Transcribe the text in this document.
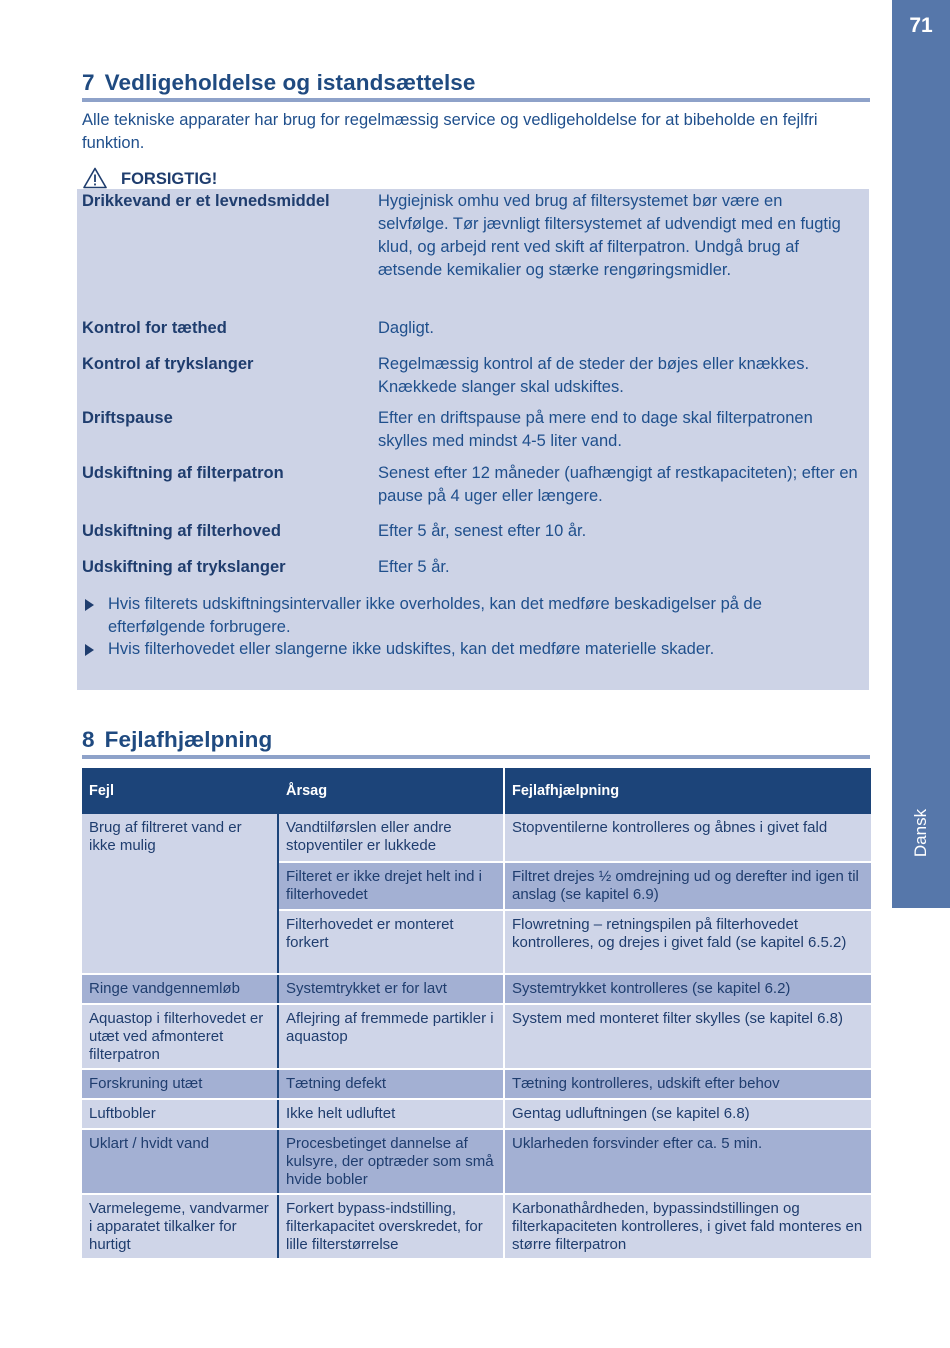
71
Dansk
7 Vedligeholdelse og istandsættelse
Alle tekniske apparater har brug for regelmæssig service og vedligeholdelse for at bibeholde en fejlfri funktion.
FORSIGTIG!
Drikkevand er et levnedsmiddel	Hygiejnisk omhu ved brug af filtersystemet bør være en selvfølge. Tør jævnligt filtersystemet af udvendigt med en fugtig klud, og arbejd rent ved skift af filterpatron. Undgå brug af ætsende kemikalier og stærke rengøringsmidler.
Kontrol for tæthed	Dagligt.
Kontrol af trykslanger	Regelmæssig kontrol af de steder der bøjes eller knækkes. Knækkede slanger skal udskiftes.
Driftspause	Efter en driftspause på mere end to dage skal filterpatronen skylles med mindst 4-5 liter vand.
Udskiftning af filterpatron	Senest efter 12 måneder (uafhængigt af restkapaciteten); efter en pause på 4 uger eller længere.
Udskiftning af filterhoved	Efter 5 år, senest efter 10 år.
Udskiftning af trykslanger	Efter 5 år.
Hvis filterets udskiftningsintervaller ikke overholdes, kan det medføre beskadigelser på de efterfølgende forbrugere.
Hvis filterhovedet eller slangerne ikke udskiftes, kan det medføre materielle skader.
8 Fejlafhjælpning
Fejl	Årsag	Fejlafhjælpning
Brug af filtreret vand er ikke mulig	Vandtilførslen eller andre stopventiler er lukkede	Stopventilerne kontrolleres og åbnes i givet fald
	Filteret er ikke drejet helt ind i filterhovedet	Filtret drejes ½ omdrejning ud og derefter ind igen til anslag (se kapitel 6.9)
	Filterhovedet er monteret forkert	Flowretning – retningspilen på filterhovedet kontrolleres, og drejes i givet fald (se kapitel 6.5.2)
Ringe vandgennemløb	Systemtrykket er for lavt	Systemtrykket kontrolleres (se kapitel 6.2)
Aquastop i filterhovedet er utæt ved afmonteret filterpatron	Aflejring af fremmede partikler i aquastop	System med monteret filter skylles (se kapitel 6.8)
Forskruning utæt	Tætning defekt	Tætning kontrolleres, udskift efter behov
Luftbobler	Ikke helt udluftet	Gentag udluftningen (se kapitel 6.8)
Uklart / hvidt vand	Procesbetinget dannelse af kulsyre, der optræder som små hvide bobler	Uklarheden forsvinder efter ca. 5 min.
Varmelegeme, vandvarmer i apparatet tilkalker for hurtigt	Forkert bypass-indstilling, filterkapacitet overskredet, for lille filterstørrelse	Karbonathårdheden, bypassindstillingen og filterkapaciteten kontrolleres, i givet fald monteres en større filterpatron
